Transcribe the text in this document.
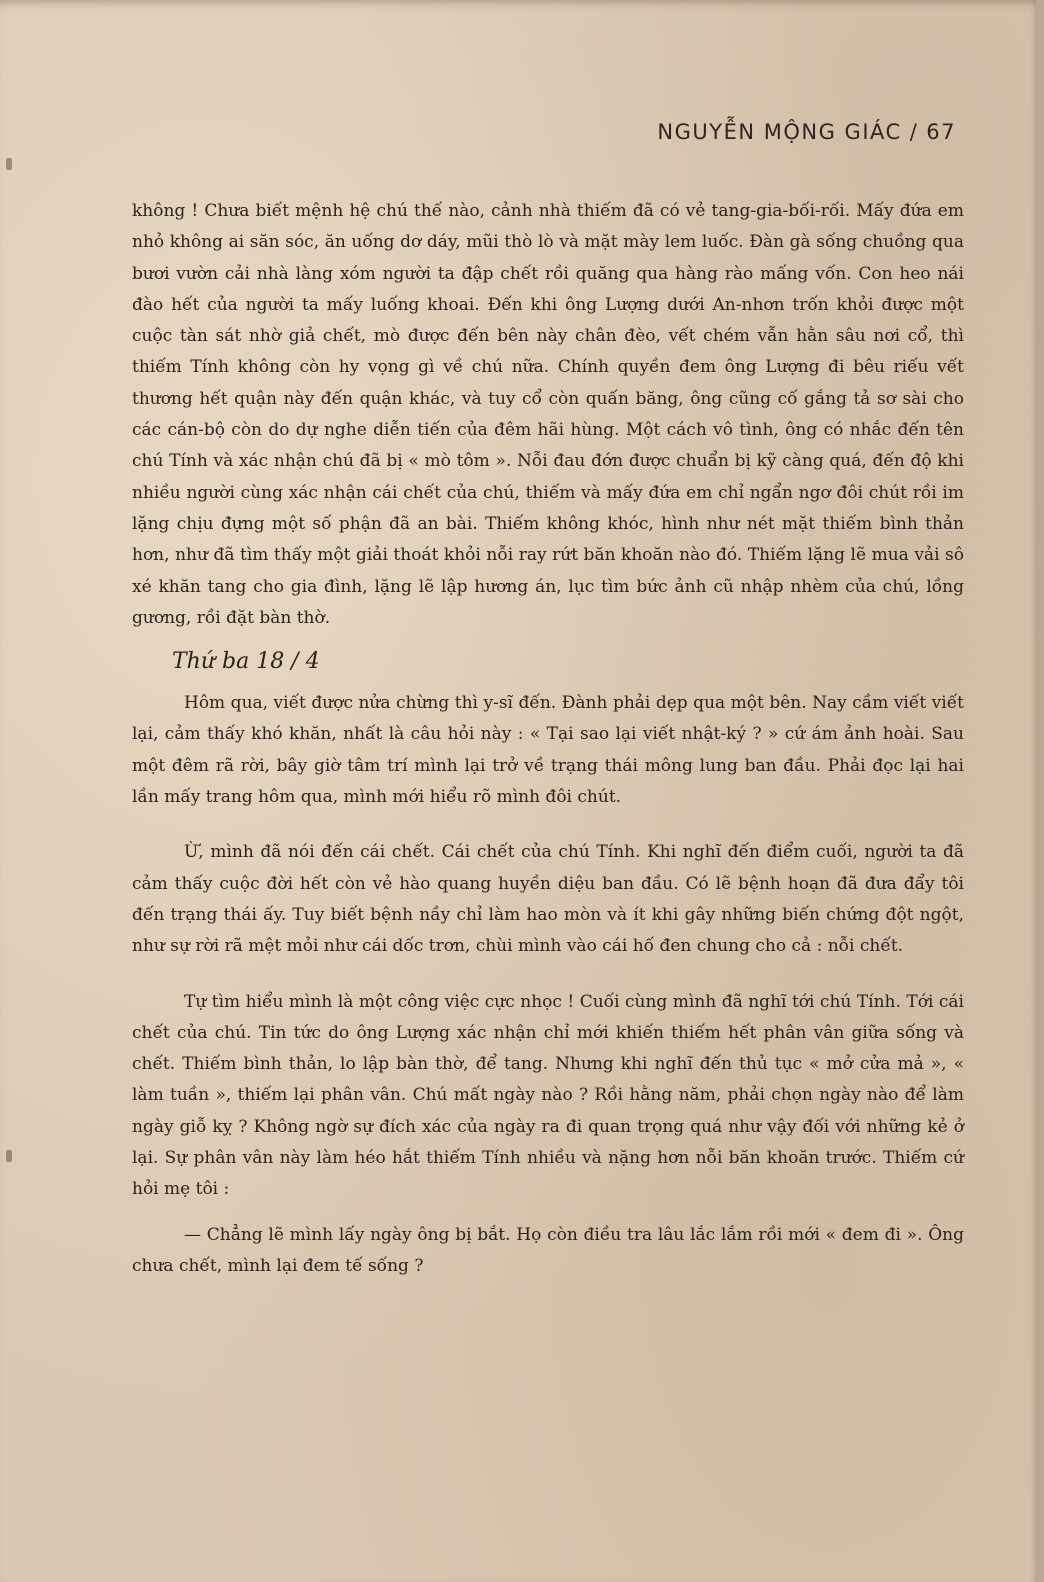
NGUYỄN MỘNG GIÁC / 67

không ! Chưa biết mệnh hệ chú thế nào, cảnh nhà thiếm đã có vẻ tang-gia-bối-rối. Mấy đứa em nhỏ không ai săn sóc, ăn uống dơ dáy, mũi thò lò và mặt mày lem luốc. Đàn gà sống chuồng qua bươi vườn cải nhà làng xóm người ta đập chết rồi quăng qua hàng rào mấng vốn. Con heo nái đào hết của người ta mấy luống khoai. Đến khi ông Lượng dưới An-nhơn trốn khỏi được một cuộc tàn sát nhờ giả chết, mò được đến bên này chân đèo, vết chém vẫn hằn sâu nơi cổ, thì thiếm Tính không còn hy vọng gì về chú nữa. Chính quyền đem ông Lượng đi bêu riếu vết thương hết quận này đến quận khác, và tuy cổ còn quấn băng, ông cũng cố gắng tả sơ sài cho các cán-bộ còn do dự nghe diễn tiến của đêm hãi hùng. Một cách vô tình, ông có nhắc đến tên chú Tính và xác nhận chú đã bị « mò tôm ». Nỗi đau đớn được chuẩn bị kỹ càng quá, đến độ khi nhiều người cùng xác nhận cái chết của chú, thiếm và mấy đứa em chỉ ngẩn ngơ đôi chút rồi im lặng chịu đựng một số phận đã an bài. Thiếm không khóc, hình như nét mặt thiếm bình thản hơn, như đã tìm thấy một giải thoát khỏi nỗi ray rứt băn khoăn nào đó. Thiếm lặng lẽ mua vải sô xé khăn tang cho gia đình, lặng lẽ lập hương án, lục tìm bức ảnh cũ nhập nhèm của chú, lồng gương, rồi đặt bàn thờ.

Thứ ba 18 / 4

Hôm qua, viết được nửa chừng thì y-sĩ đến. Đành phải dẹp qua một bên. Nay cầm viết viết lại, cảm thấy khó khăn, nhất là câu hỏi này : « Tại sao lại viết nhật-ký ? » cứ ám ảnh hoài. Sau một đêm rã rời, bây giờ tâm trí mình lại trở về trạng thái mông lung ban đầu. Phải đọc lại hai lần mấy trang hôm qua, mình mới hiểu rõ mình đôi chút.

Ừ, mình đã nói đến cái chết. Cái chết của chú Tính. Khi nghĩ đến điểm cuối, người ta đã cảm thấy cuộc đời hết còn vẻ hào quang huyền diệu ban đầu. Có lẽ bệnh hoạn đã đưa đẩy tôi đến trạng thái ấy. Tuy biết bệnh nầy chỉ làm hao mòn và ít khi gây những biến chứng đột ngột, như sự rời rã mệt mỏi như cái dốc trơn, chùi mình vào cái hố đen chung cho cả : nỗi chết.

Tự tìm hiểu mình là một công việc cực nhọc ! Cuối cùng mình đã nghĩ tới chú Tính. Tới cái chết của chú. Tin tức do ông Lượng xác nhận chỉ mới khiến thiếm hết phân vân giữa sống và chết. Thiếm bình thản, lo lập bàn thờ, để tang. Nhưng khi nghĩ đến thủ tục « mở cửa mả », « làm tuần », thiếm lại phân vân. Chú mất ngày nào ? Rồi hằng năm, phải chọn ngày nào để làm ngày giỗ kỵ ? Không ngờ sự đích xác của ngày ra đi quan trọng quá như vậy đối với những kẻ ở lại. Sự phân vân này làm héo hắt thiếm Tính nhiều và nặng hơn nỗi băn khoăn trước. Thiếm cứ hỏi mẹ tôi :

— Chẳng lẽ mình lấy ngày ông bị bắt. Họ còn điều tra lâu lắc lắm rồi mới « đem đi ». Ông chưa chết, mình lại đem tế sống ?
